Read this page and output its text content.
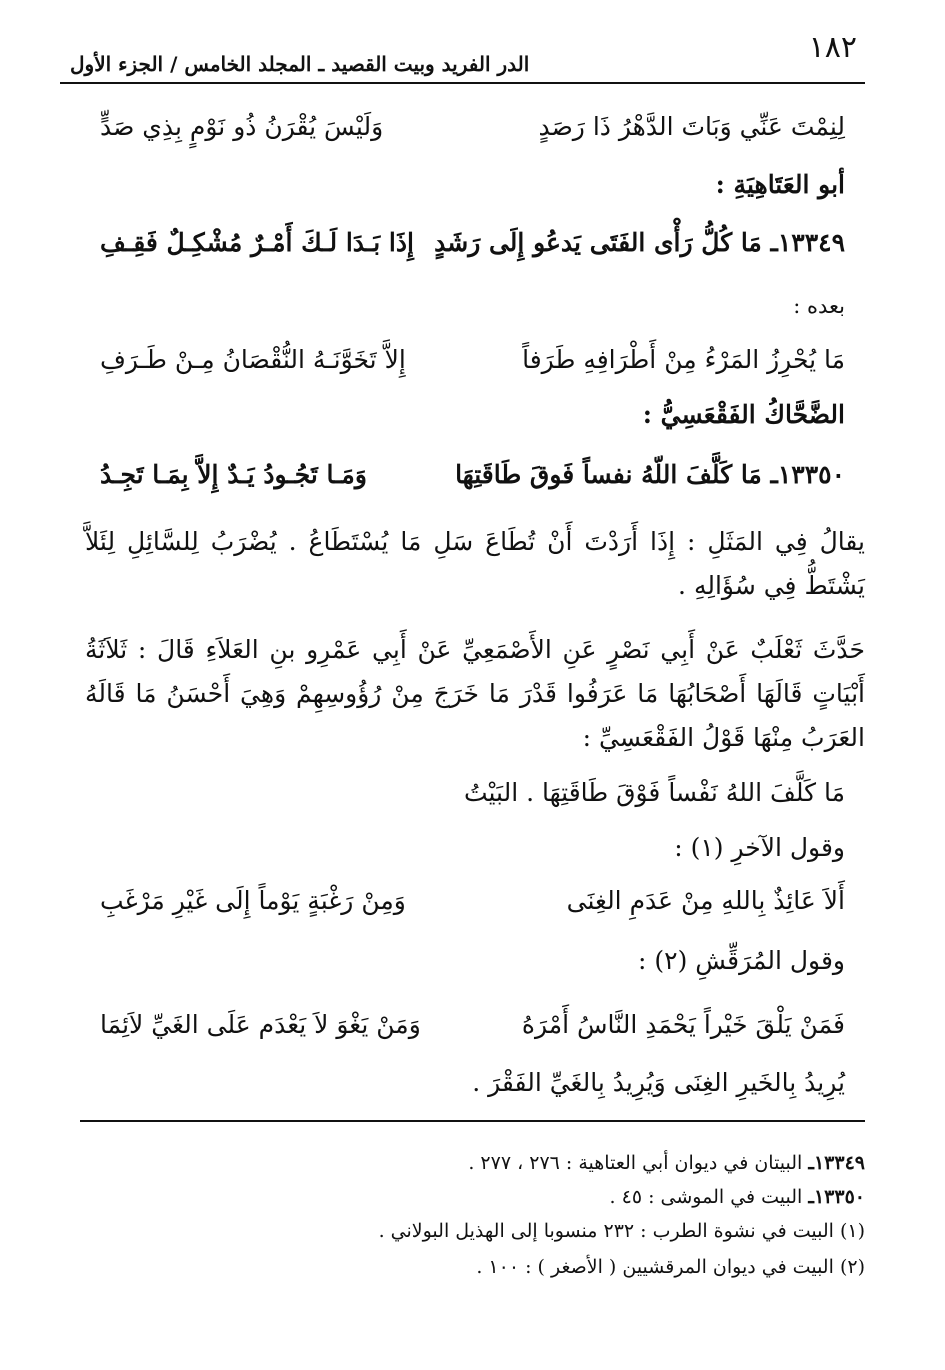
١٨٢
الدر الفريد وبيت القصيد ـ المجلد الخامس / الجزء الأول
لِنِمْتَ عَنِّي وَبَاتَ الدَّهْرُ ذَا رَصَدٍ
وَلَيْسَ يُقْرَنُ ذُو نَوْمٍ بِذِي صَدٍّ
أبو العَتَاهِيَةِ :
١٣٣٤٩ـ مَا كُلُّ رَأْى الفَتَى يَدعُو إِلَى رَشَدٍ
إِذَا بَـدَا لَـكَ أَمْـرٌ مُشْكِـلٌ فَقِـفِ
بعده :
مَا يُحْرِزُ المَرْءُ مِنْ أَطْرَافِهِ طَرَفاً
إِلاَّ تَخَوَّنَـهُ النُّقْصَانُ مِـنْ طَـرَفِ
الضَّحَّاكُ الفَقْعَسِيُّ :
١٣٣٥٠ـ مَا كَلَّفَ اللّهُ نفساً فَوقَ طَاقَتِهَا
وَمَـا تَجُـودُ يَـدٌ إِلاَّ بِمَـا تَجِـدُ
يقالُ فِي المَثَلِ : إِذَا أَرَدْتَ أَنْ تُطَاعَ سَلِ مَا يُسْتَطَاعُ . يُضْرَبُ لِلسَّائِلِ لِئَلاَّ يَشْتَطُّ فِي سُؤَالِهِ .
حَدَّثَ ثَعْلَبٌ عَنْ أَبِي نَصْرٍ عَنِ الأَصْمَعِيِّ عَنْ أَبِي عَمْرِو بنِ العَلاَءِ قَالَ : ثَلاَثَةُ أَبْيَاتٍ قَالَهَا أَصْحَابُهَا مَا عَرَفُوا قَدْرَ مَا خَرَجَ مِنْ رُؤُوسِهِمْ وَهِيَ أَحْسَنُ مَا قَالَهُ العَرَبُ مِنْهَا قَوْلُ الفَقْعَسِيِّ :
مَا كَلَّفَ اللهُ نَفْساً فَوْقَ طَاقَتِهَا . البَيْتُ
وقول الآخرِ (١) :
أَلاَ عَائِذٌ بِاللهِ مِنْ عَدَمِ الغِنَى
وَمِنْ رَغْبَةٍ يَوْماً إِلَى غَيْرِ مَرْغَبِ
وقول المُرَقِّشِ (٢) :
فَمَنْ يَلْقَ خَيْراً يَحْمَدِ النَّاسُ أَمْرَهُ
وَمَنْ يَغْوَ لاَ يَعْدَم عَلَى الغَيِّ لاَئِمَا
يُرِيدُ بِالخَيرِ الغِنَى وَيُرِيدُ بِالغَيِّ الفَقْرَ .
١٣٣٤٩ـ البيتان في ديوان أبي العتاهية : ٢٧٦ ، ٢٧٧ .
١٣٣٥٠ـ البيت في الموشى : ٤٥ .
(١) البيت في نشوة الطرب : ٢٣٢ منسوبا إلى الهذيل البولاني .
(٢) البيت في ديوان المرقشيين ( الأصغر ) : ١٠٠ .
